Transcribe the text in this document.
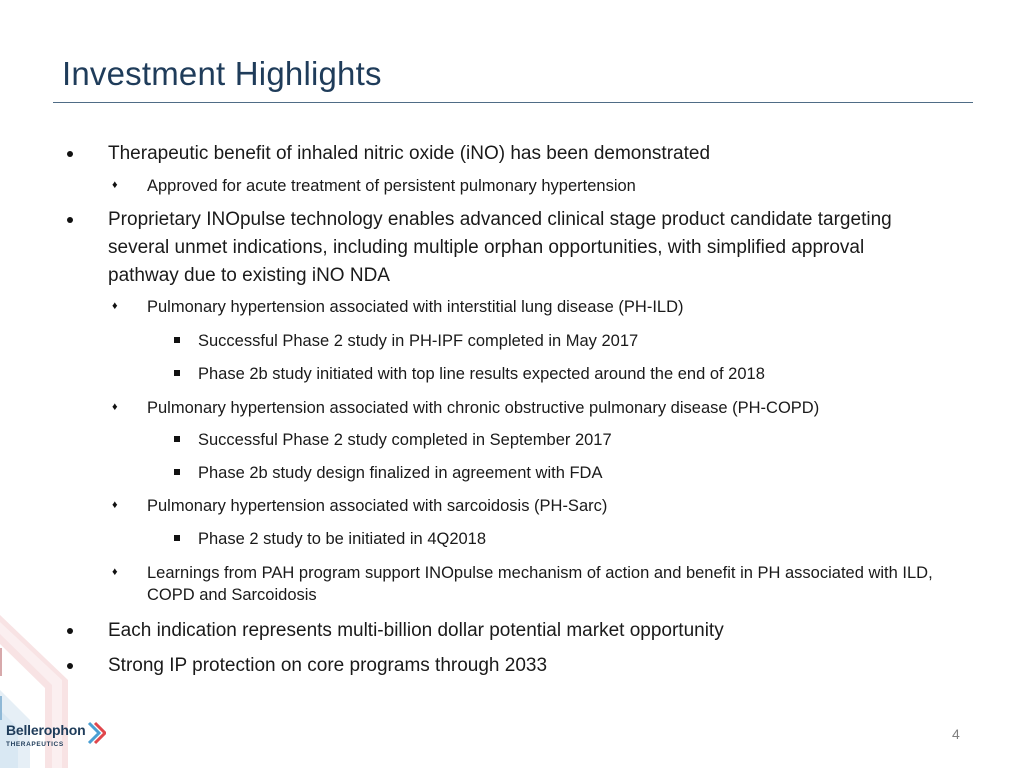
Investment Highlights
Therapeutic benefit of inhaled nitric oxide (iNO) has been demonstrated
♦ Approved for acute treatment of persistent pulmonary hypertension
Proprietary INOpulse technology enables advanced clinical stage product candidate targeting several unmet indications, including multiple orphan opportunities, with simplified approval pathway due to existing iNO NDA
♦ Pulmonary hypertension associated with interstitial lung disease (PH-ILD)
Successful Phase 2 study in PH-IPF completed in May 2017
Phase 2b study initiated with top line results expected around the end of 2018
♦ Pulmonary hypertension associated with chronic obstructive pulmonary disease (PH-COPD)
Successful Phase 2 study completed in September 2017
Phase 2b study design finalized in agreement with FDA
♦ Pulmonary hypertension associated with sarcoidosis (PH-Sarc)
Phase 2 study to be initiated in 4Q2018
♦ Learnings from PAH program support INOpulse mechanism of action and benefit in PH associated with ILD, COPD and Sarcoidosis
Each indication represents multi-billion dollar potential market opportunity
Strong IP protection on core programs through 2033
Bellerophon
THERAPEUTICS
4
